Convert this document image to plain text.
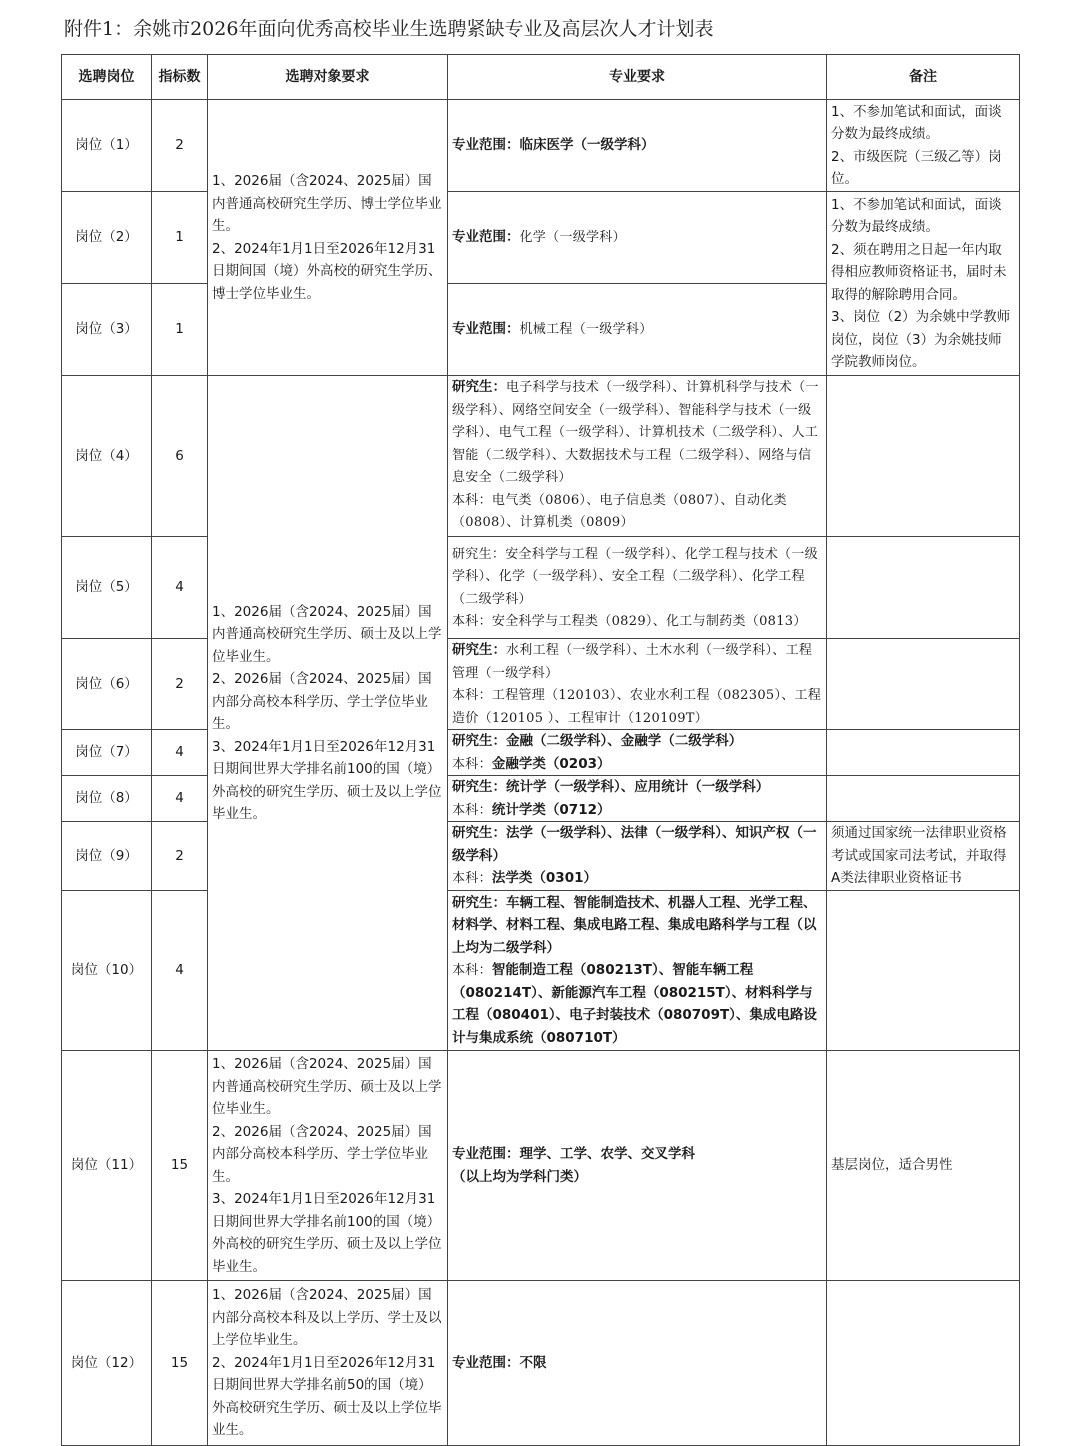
附件1：余姚市2026年面向优秀高校毕业生选聘紧缺专业及高层次人才计划表
选聘岗位	指标数	选聘对象要求	专业要求	备注
岗位（1）	2	1、2026届（含2024、2025届）国内普通高校研究生学历、博士学位毕业生。
2、2024年1月1日至2026年12月31日期间国（境）外高校的研究生学历、博士学位毕业生。	专业范围：临床医学（一级学科）	1、不参加笔试和面试，面谈分数为最终成绩。
2、市级医院（三级乙等）岗位。

岗位（2）	1		专业范围：化学（一级学科）	1、不参加笔试和面试，面谈分数为最终成绩。
2、须在聘用之日起一年内取得相应教师资格证书，届时未取得的解除聘用合同。
3、岗位（2）为余姚中学教师岗位，岗位（3）为余姚技师学院教师岗位。

岗位（3）	1		专业范围：机械工程（一级学科）	
岗位（4）	6	1、2026届（含2024、2025届）国内普通高校研究生学历、硕士及以上学位毕业生。
2、2026届（含2024、2025届）国内部分高校本科学历、学士学位毕业生。
3、2024年1月1日至2026年12月31日期间世界大学排名前100的国（境）外高校的研究生学历、硕士及以上学位毕业生。	研究生：电子科学与技术（一级学科）、计算机科学与技术（一级学科）、网络空间安全（一级学科）、智能科学与技术（一级学科）、电气工程（一级学科）、计算机技术（二级学科）、人工智能（二级学科）、大数据技术与工程（二级学科）、网络与信息安全（二级学科）
本科：电气类（0806）、电子信息类（0807）、自动化类（0808）、计算机类（0809）	

岗位（5）	4		研究生：安全科学与工程（一级学科）、化学工程与技术（一级学科）、化学（一级学科）、安全工程（二级学科）、化学工程（二级学科）
本科：安全科学与工程类（0829）、化工与制药类（0813）	
岗位（6）	2		研究生：水利工程（一级学科）、土木水利（一级学科）、工程管理（一级学科）
本科：工程管理（120103）、农业水利工程（082305）、工程造价（120105 ）、工程审计（120109T）	
岗位（7）	4		研究生：金融（二级学科）、金融学（二级学科）
本科：金融学类（0203）	
岗位（8）	4		研究生：统计学（一级学科）、应用统计（一级学科）
本科：统计学类（0712）	
岗位（9）	2		研究生：法学（一级学科）、法律（一级学科）、知识产权（一级学科）
本科：法学类（0301）	须通过国家统一法律职业资格考试或国家司法考试，并取得A类法律职业资格证书
岗位（10）	4		研究生：车辆工程、智能制造技术、机器人工程、光学工程、材料学、材料工程、集成电路工程、集成电路科学与工程（以上均为二级学科）
本科：智能制造工程（080213T）、智能车辆工程（080214T）、新能源汽车工程（080215T）、材料科学与工程（080401）、电子封装技术（080709T）、集成电路设计与集成系统（080710T）	
岗位（11）	15	1、2026届（含2024、2025届）国内普通高校研究生学历、硕士及以上学位毕业生。
2、2026届（含2024、2025届）国内部分高校本科学历、学士学位毕业生。
3、2024年1月1日至2026年12月31日期间世界大学排名前100的国（境）外高校的研究生学历、硕士及以上学位毕业生。	专业范围：理学、工学、农学、交叉学科
（以上均为学科门类）	基层岗位，适合男性
岗位（12）	15	1、2026届（含2024、2025届）国内部分高校本科及以上学历、学士及以上学位毕业生。
2、2024年1月1日至2026年12月31日期间世界大学排名前50的国（境）外高校研究生学历、硕士及以上学位毕业生。	专业范围：不限	
